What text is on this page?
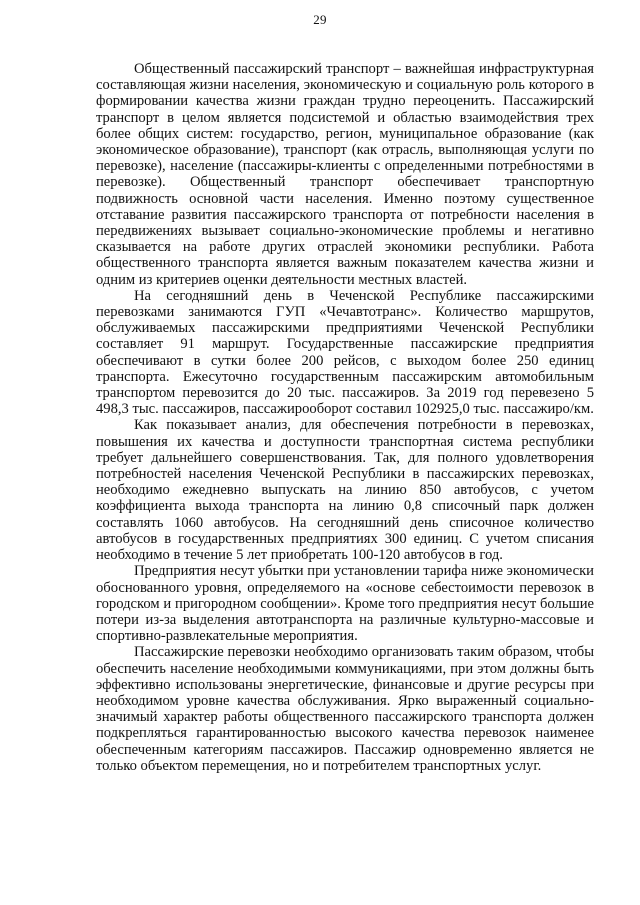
29

Общественный пассажирский транспорт – важнейшая инфраструктурная составляющая жизни населения, экономическую и социальную роль которого в формировании качества жизни граждан трудно переоценить. Пассажирский транспорт в целом является подсистемой и областью взаимодействия трех более общих систем: государство, регион, муниципальное образование (как экономическое образование), транспорт (как отрасль, выполняющая услуги по перевозке), население (пассажиры-клиенты с определенными потребностями в перевозке). Общественный транспорт обеспечивает транспортную подвижность основной части населения. Именно поэтому существенное отставание развития пассажирского транспорта от потребности населения в передвижениях вызывает социально-экономические проблемы и негативно сказывается на работе других отраслей экономики республики. Работа общественного транспорта является важным показателем качества жизни и одним из критериев оценки деятельности местных властей.

На сегодняшний день в Чеченской Республике пассажирскими перевозками занимаются ГУП «Чечавтотранс». Количество маршрутов, обслуживаемых пассажирскими предприятиями Чеченской Республики составляет 91 маршрут. Государственные пассажирские предприятия обеспечивают в сутки более 200 рейсов, с выходом более 250 единиц транспорта. Ежесуточно государственным пассажирским автомобильным транспортом перевозится до 20 тыс. пассажиров. За 2019 год перевезено 5 498,3 тыс. пассажиров, пассажирооборот составил 102925,0 тыс. пассажиро/км.

Как показывает анализ, для обеспечения потребности в перевозках, повышения их качества и доступности транспортная система республики требует дальнейшего совершенствования. Так, для полного удовлетворения потребностей населения Чеченской Республики в пассажирских перевозках, необходимо ежедневно выпускать на линию 850 автобусов, с учетом коэффициента выхода транспорта на линию 0,8 списочный парк должен составлять 1060 автобусов. На сегодняшний день списочное количество автобусов в государственных предприятиях 300 единиц. С учетом списания необходимо в течение 5 лет приобретать 100-120 автобусов в год.

Предприятия несут убытки при установлении тарифа ниже экономически обоснованного уровня, определяемого на «основе себестоимости перевозок в городском и пригородном сообщении». Кроме того предприятия несут большие потери из-за выделения автотранспорта на различные культурно-массовые и спортивно-развлекательные мероприятия.

Пассажирские перевозки необходимо организовать таким образом, чтобы обеспечить население необходимыми коммуникациями, при этом должны быть эффективно использованы энергетические, финансовые и другие ресурсы при необходимом уровне качества обслуживания. Ярко выраженный социально-значимый характер работы общественного пассажирского транспорта должен подкрепляться гарантированностью высокого качества перевозок наименее обеспеченным категориям пассажиров. Пассажир одновременно является не только объектом перемещения, но и потребителем транспортных услуг.
